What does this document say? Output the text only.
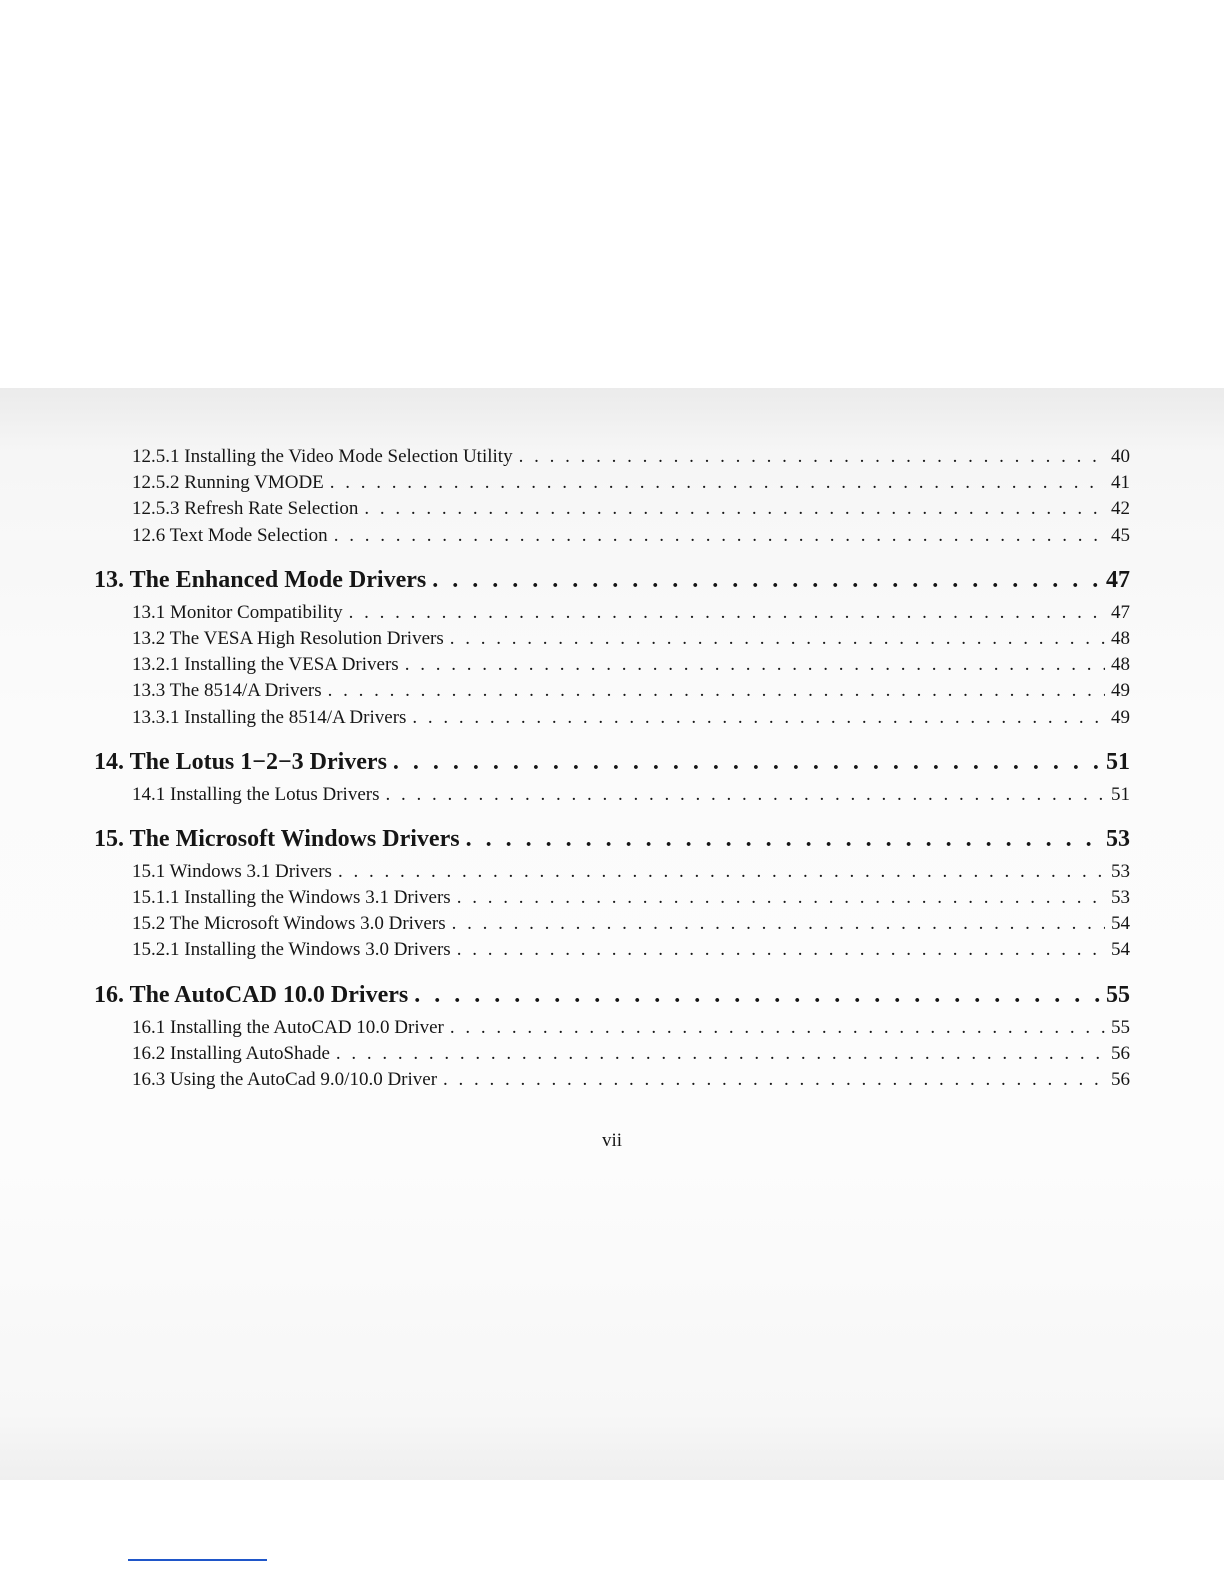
12.5.1 Installing the Video Mode Selection Utility . . .	40
12.5.2 Running VMODE . . .	41
12.5.3 Refresh Rate Selection . . .	42
12.6 Text Mode Selection . . .	45
13. The Enhanced Mode Drivers . . .	47
13.1 Monitor Compatibility . . .	47
13.2 The VESA High Resolution Drivers . . .	48
13.2.1 Installing the VESA Drivers . . .	48
13.3 The 8514/A Drivers . . .	49
13.3.1 Installing the 8514/A Drivers . . .	49
14. The Lotus 1−2−3 Drivers . . .	51
14.1 Installing the Lotus Drivers . . .	51
15. The Microsoft Windows Drivers . . .	53
15.1 Windows 3.1 Drivers . . .	53
15.1.1 Installing the Windows 3.1 Drivers . . .	53
15.2 The Microsoft Windows 3.0 Drivers . . .	54
15.2.1 Installing the Windows 3.0 Drivers . . .	54
16. The AutoCAD 10.0 Drivers . . .	55
16.1 Installing the AutoCAD 10.0 Driver . . .	55
16.2 Installing AutoShade . . .	56
16.3 Using the AutoCad 9.0/10.0 Driver . . .	56
vii
